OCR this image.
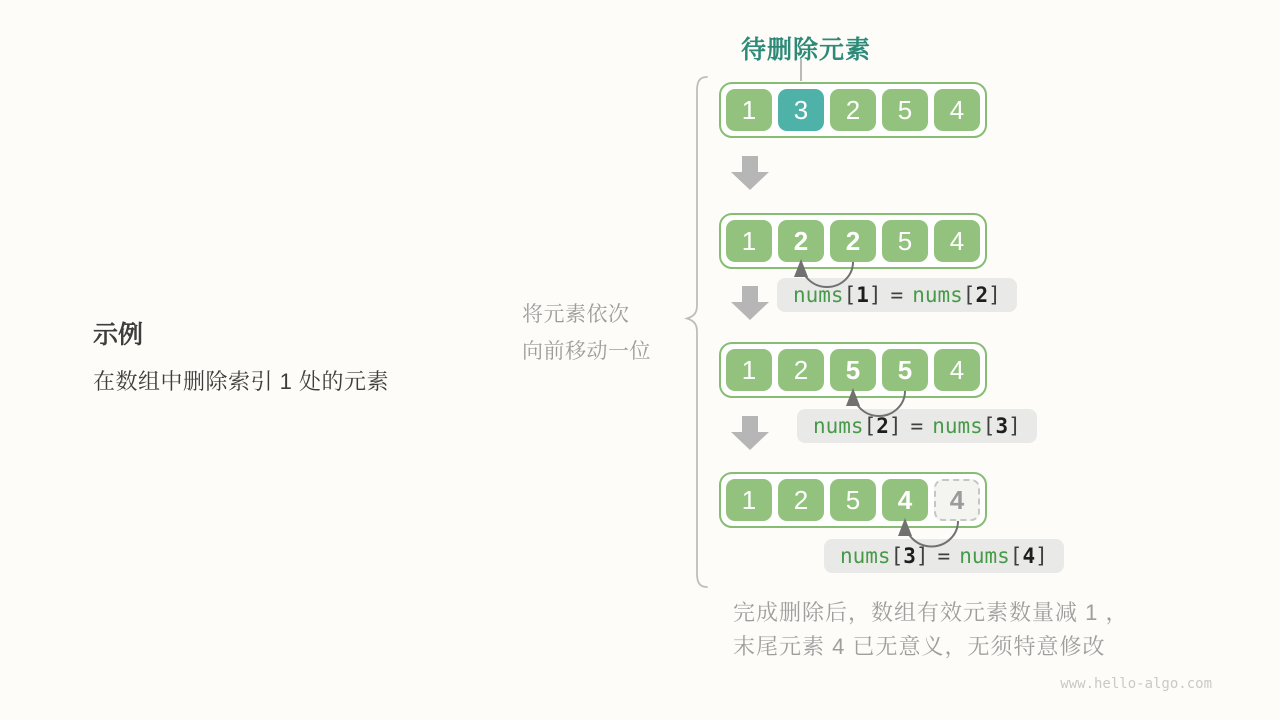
待删除元素
1	3	2	5	4
1	2	2	5	4
1	2	5	5	4
1	2	5	4	4
nums[1] = nums[2]
nums[2] = nums[3]
nums[3] = nums[4]
示例
在数组中删除索引 1 处的元素
将元素依次
向前移动一位
完成删除后，数组有效元素数量减 1 ，
末尾元素 4 已无意义，无须特意修改
www.hello-algo.com
